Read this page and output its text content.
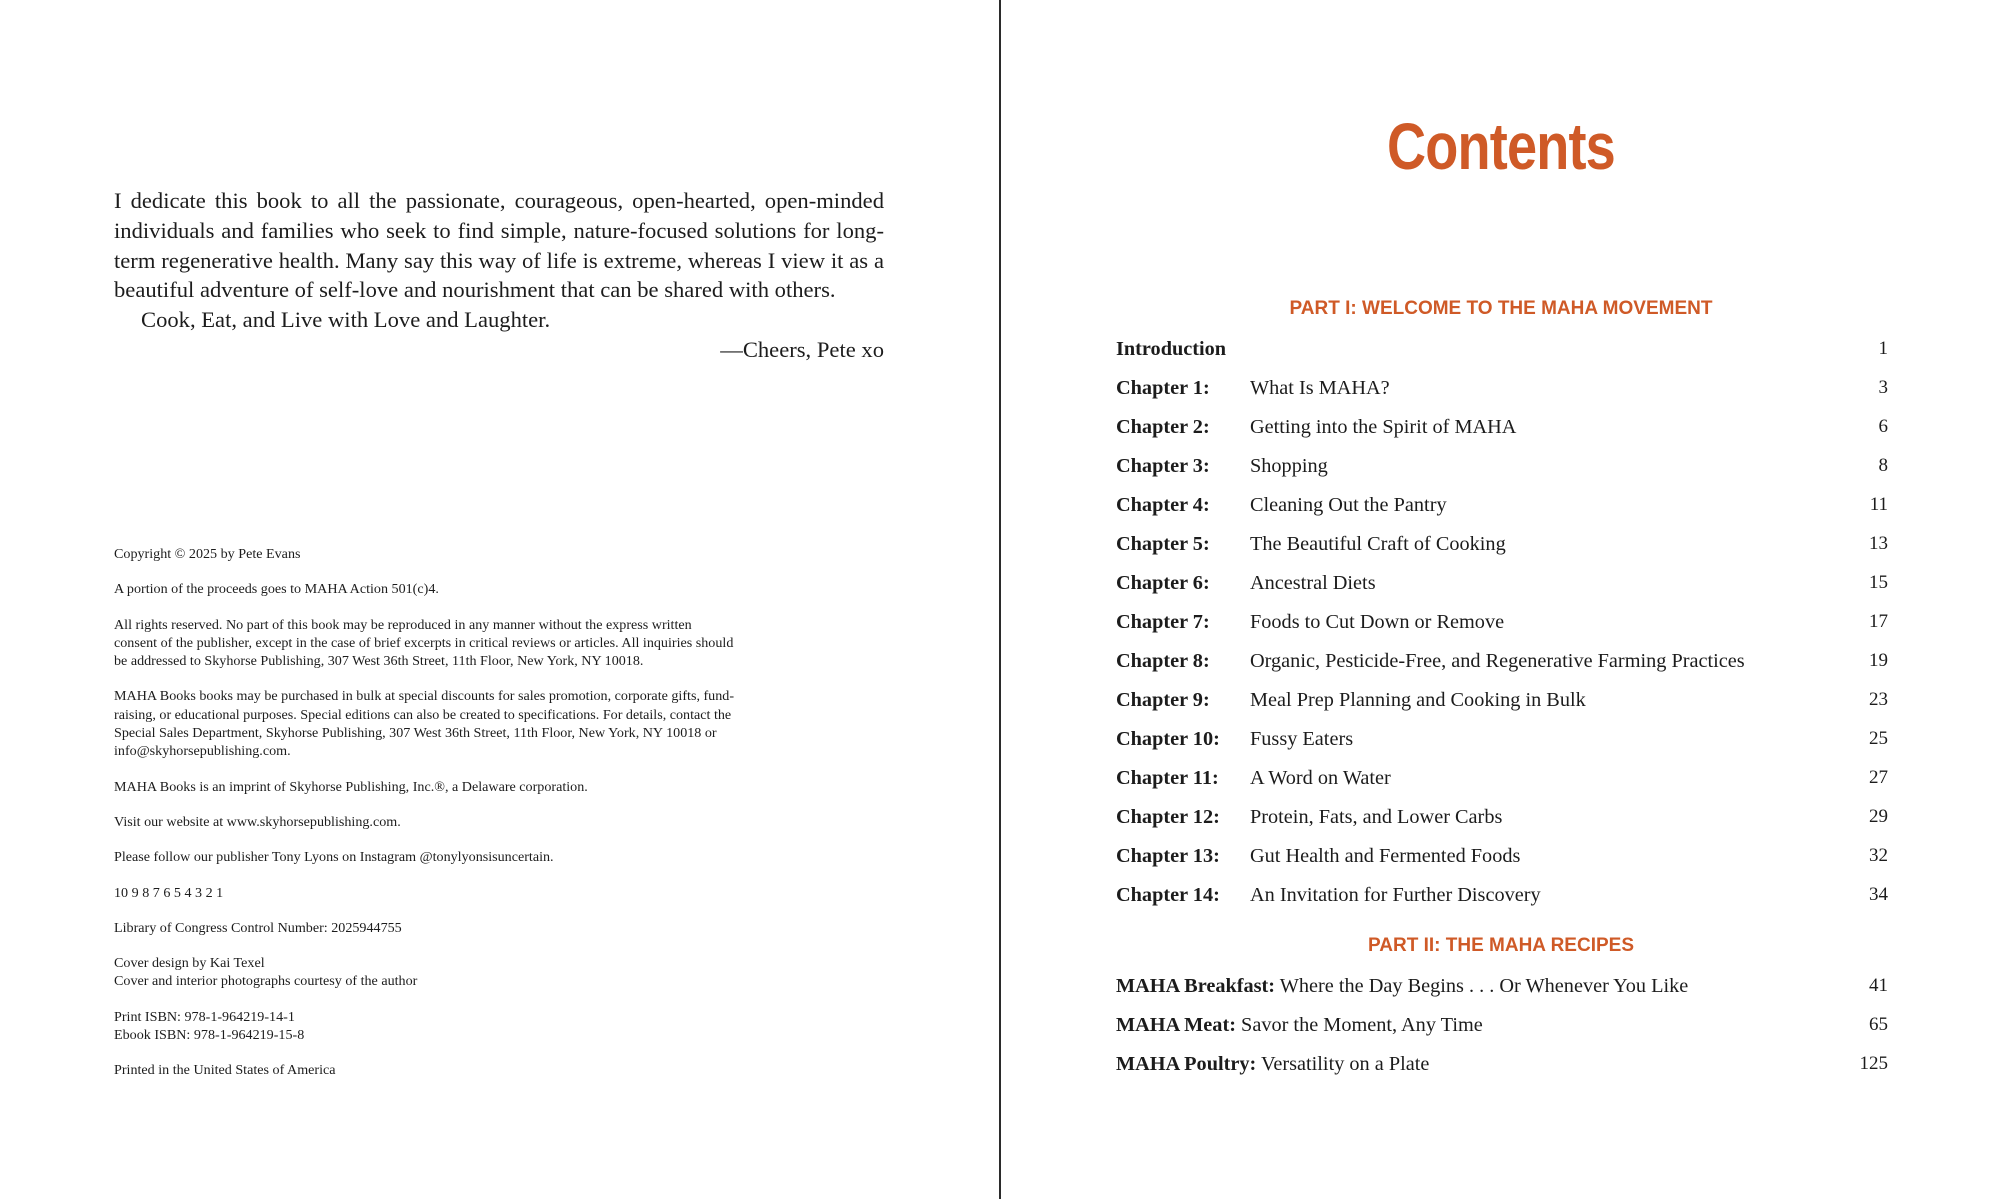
I dedicate this book to all the passionate, courageous, open-hearted, open-minded individuals and families who seek to find simple, nature-focused solutions for long-term regenerative health. Many say this way of life is extreme, whereas I view it as a beautiful adventure of self-love and nourishment that can be shared with others.

Cook, Eat, and Live with Love and Laughter.

—Cheers, Pete xo

Copyright © 2025 by Pete Evans

A portion of the proceeds goes to MAHA Action 501(c)4.

All rights reserved. No part of this book may be reproduced in any manner without the express written consent of the publisher, except in the case of brief excerpts in critical reviews or articles. All inquiries should be addressed to Skyhorse Publishing, 307 West 36th Street, 11th Floor, New York, NY 10018.

MAHA Books books may be purchased in bulk at special discounts for sales promotion, corporate gifts, fund-raising, or educational purposes. Special editions can also be created to specifications. For details, contact the Special Sales Department, Skyhorse Publishing, 307 West 36th Street, 11th Floor, New York, NY 10018 or info@skyhorsepublishing.com.

MAHA Books is an imprint of Skyhorse Publishing, Inc.®, a Delaware corporation.

Visit our website at www.skyhorsepublishing.com.

Please follow our publisher Tony Lyons on Instagram @tonylyonsisuncertain.

10 9 8 7 6 5 4 3 2 1

Library of Congress Control Number: 2025944755

Cover design by Kai Texel
Cover and interior photographs courtesy of the author

Print ISBN: 978-1-964219-14-1
Ebook ISBN: 978-1-964219-15-8

Printed in the United States of America

Contents
PART I: WELCOME TO THE MAHA MOVEMENT
Introduction	1
Chapter 1: What Is MAHA?	3
Chapter 2: Getting into the Spirit of MAHA	6
Chapter 3: Shopping	8
Chapter 4: Cleaning Out the Pantry	11
Chapter 5: The Beautiful Craft of Cooking	13
Chapter 6: Ancestral Diets	15
Chapter 7: Foods to Cut Down or Remove	17
Chapter 8: Organic, Pesticide-Free, and Regenerative Farming Practices	19
Chapter 9: Meal Prep Planning and Cooking in Bulk	23
Chapter 10: Fussy Eaters	25
Chapter 11: A Word on Water	27
Chapter 12: Protein, Fats, and Lower Carbs	29
Chapter 13: Gut Health and Fermented Foods	32
Chapter 14: An Invitation for Further Discovery	34
PART II: THE MAHA RECIPES
MAHA Breakfast: Where the Day Begins . . . Or Whenever You Like	41
MAHA Meat: Savor the Moment, Any Time	65
MAHA Poultry: Versatility on a Plate	125
